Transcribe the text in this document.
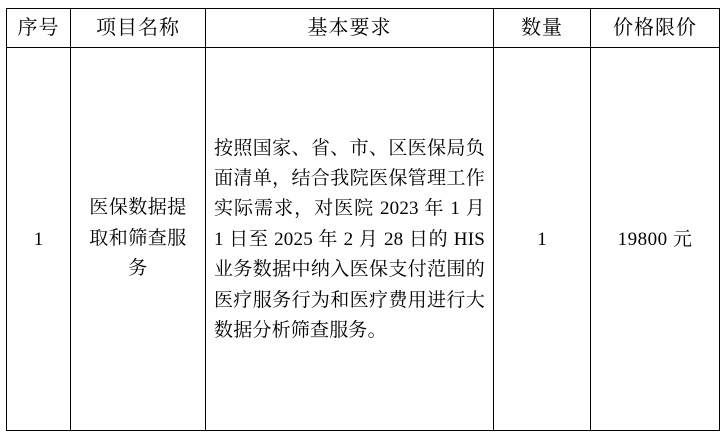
序号	项目名称	基本要求	数量	价格限价

1	医保数据提取和筛查服务	按照国家、省、市、区医保局负面清单，结合我院医保管理工作实际需求，对医院 2023 年 1 月 1 日至 2025 年 2 月 28 日的 HIS 业务数据中纳入医保支付范围的医疗服务行为和医疗费用进行大数据分析筛查服务。	1	19800 元
